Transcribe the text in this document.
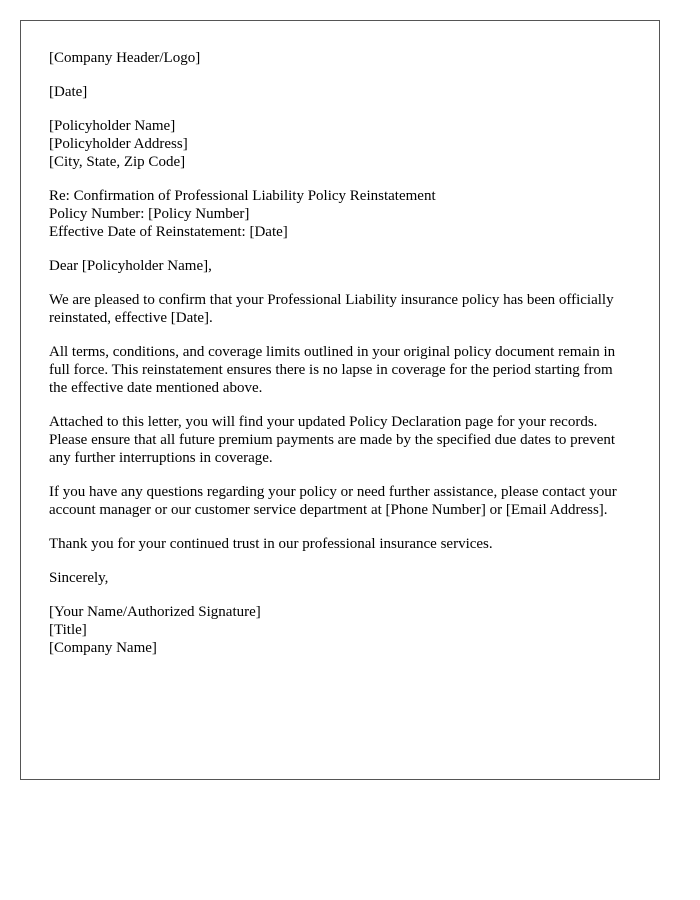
[Company Header/Logo]
[Date]
[Policyholder Name]
[Policyholder Address]
[City, State, Zip Code]
Re: Confirmation of Professional Liability Policy Reinstatement
Policy Number: [Policy Number]
Effective Date of Reinstatement: [Date]
Dear [Policyholder Name],

We are pleased to confirm that your Professional Liability insurance policy has been officially reinstated, effective [Date].

All terms, conditions, and coverage limits outlined in your original policy document remain in full force. This reinstatement ensures there is no lapse in coverage for the period starting from the effective date mentioned above.

Attached to this letter, you will find your updated Policy Declaration page for your records. Please ensure that all future premium payments are made by the specified due dates to prevent any further interruptions in coverage.

If you have any questions regarding your policy or need further assistance, please contact your account manager or our customer service department at [Phone Number] or [Email Address].

Thank you for your continued trust in our professional insurance services.

Sincerely,
[Your Name/Authorized Signature]
[Title]
[Company Name]
